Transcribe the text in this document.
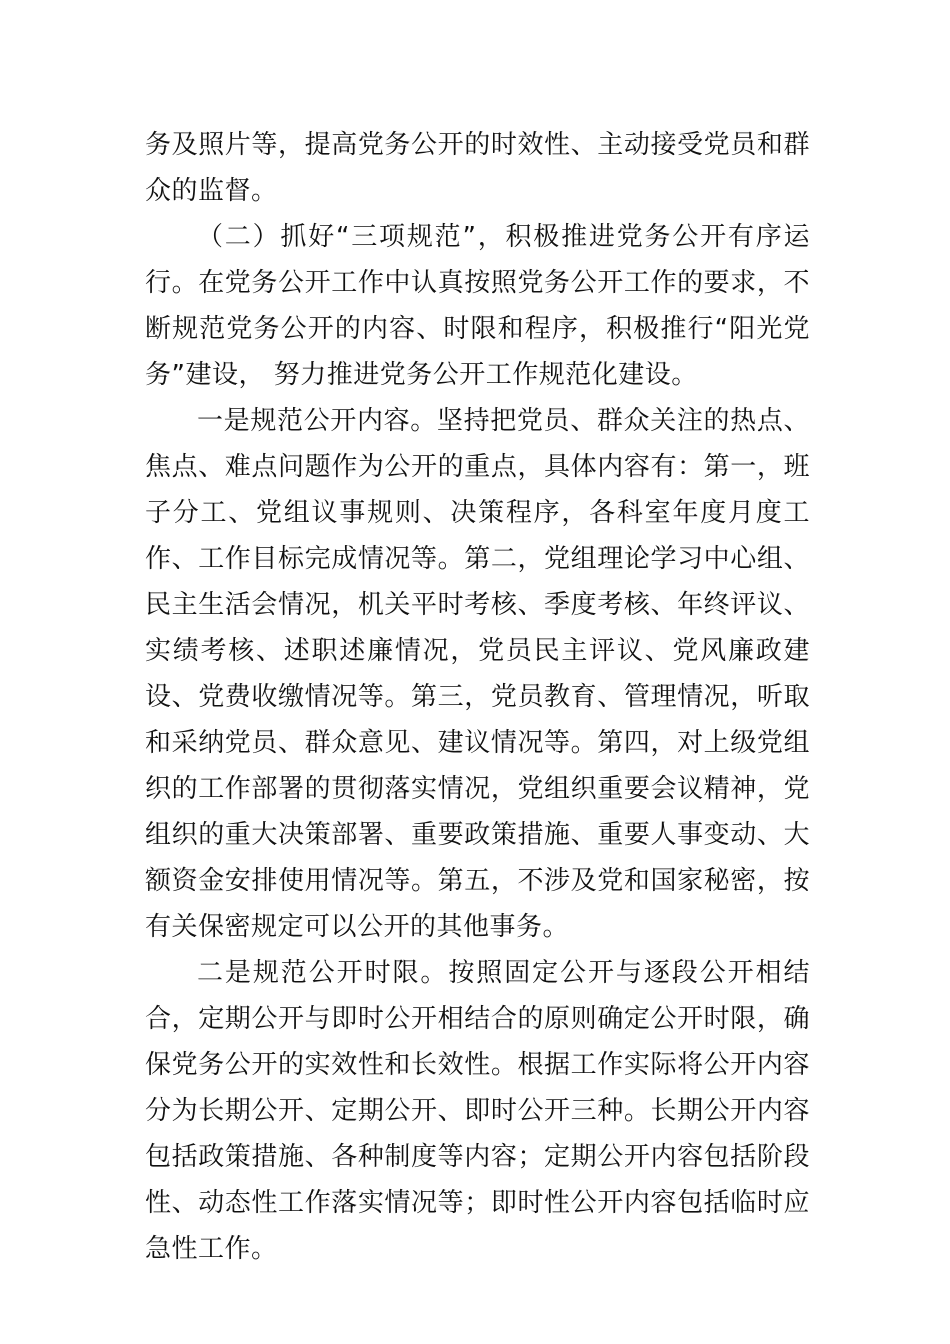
务及照片等，提高党务公开的时效性、主动接受党员和群众的监督。

（二）抓好“三项规范”，积极推进党务公开有序运行。在党务公开工作中认真按照党务公开工作的要求，不断规范党务公开的内容、时限和程序，积极推行“阳光党务”建设， 努力推进党务公开工作规范化建设。

一是规范公开内容。坚持把党员、群众关注的热点、焦点、难点问题作为公开的重点，具体内容有：第一，班子分工、党组议事规则、决策程序，各科室年度月度工作、工作目标完成情况等。第二，党组理论学习中心组、民主生活会情况，机关平时考核、季度考核、年终评议、实绩考核、述职述廉情况，党员民主评议、党风廉政建设、党费收缴情况等。第三，党员教育、管理情况，听取和采纳党员、群众意见、建议情况等。第四，对上级党组织的工作部署的贯彻落实情况，党组织重要会议精神，党组织的重大决策部署、重要政策措施、重要人事变动、大额资金安排使用情况等。第五，不涉及党和国家秘密，按有关保密规定可以公开的其他事务。

二是规范公开时限。按照固定公开与逐段公开相结合，定期公开与即时公开相结合的原则确定公开时限，确保党务公开的实效性和长效性。根据工作实际将公开内容分为长期公开、定期公开、即时公开三种。长期公开内容包括政策措施、各种制度等内容；定期公开内容包括阶段性、动态性工作落实情况等；即时性公开内容包括临时应急性工作。
